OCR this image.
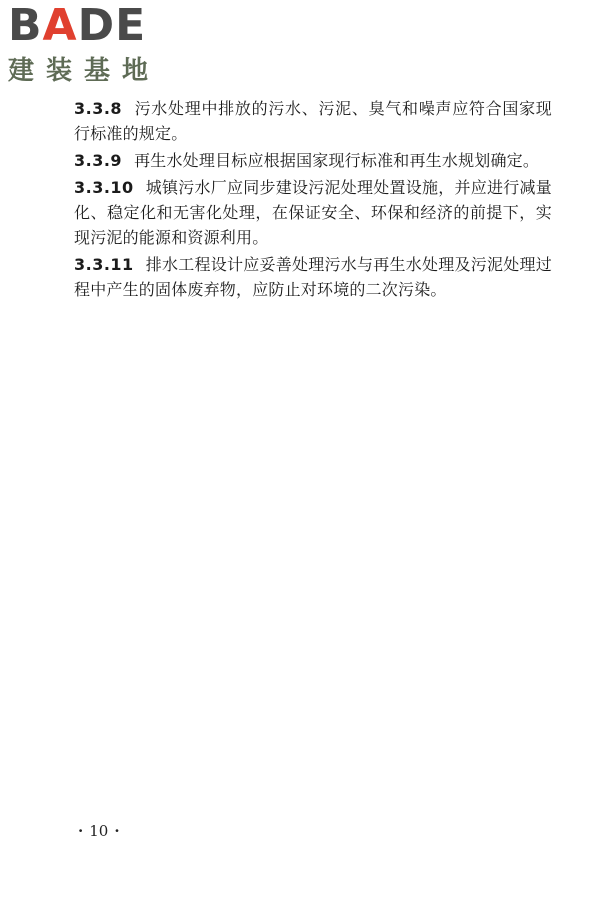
BADE
建装基地

3.3.8 污水处理中排放的污水、污泥、臭气和噪声应符合国家现行标准的规定。

3.3.9 再生水处理目标应根据国家现行标准和再生水规划确定。

3.3.10 城镇污水厂应同步建设污泥处理处置设施，并应进行减量化、稳定化和无害化处理，在保证安全、环保和经济的前提下，实现污泥的能源和资源利用。

3.3.11 排水工程设计应妥善处理污水与再生水处理及污泥处理过程中产生的固体废弃物，应防止对环境的二次污染。

· 10 ·
